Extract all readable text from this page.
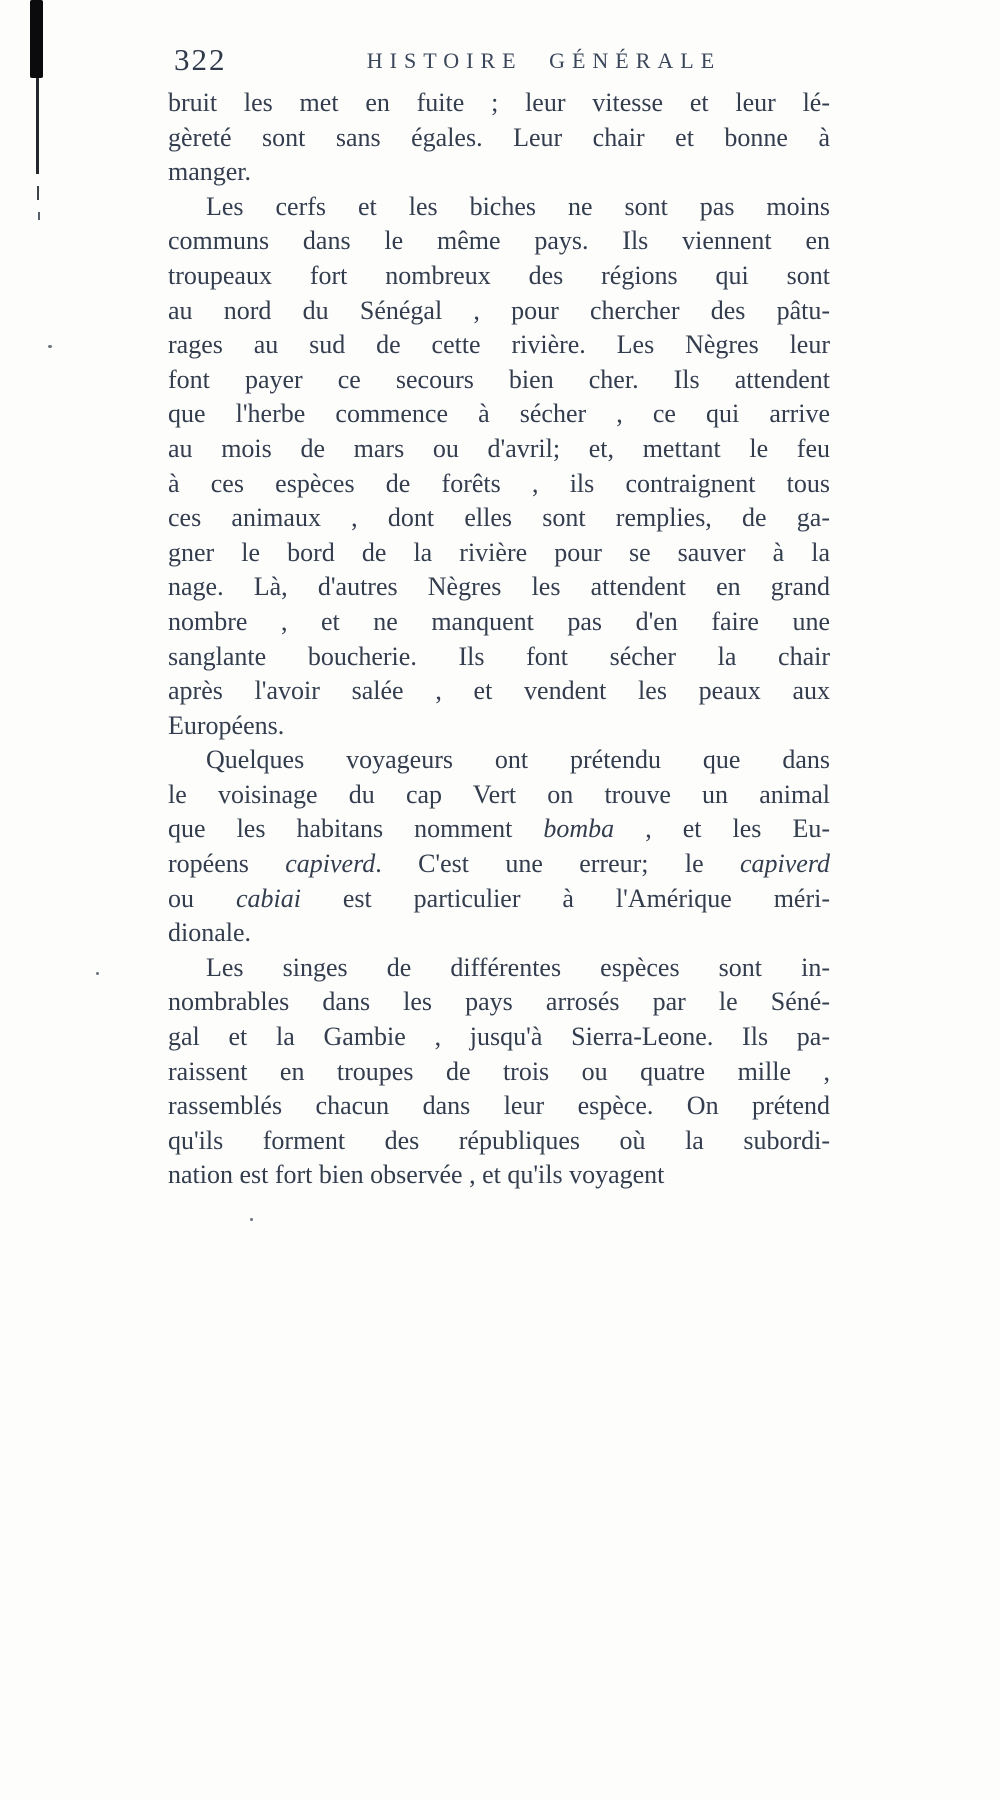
322	HISTOIRE GÉNÉRALE
bruit les met en fuite ; leur vitesse et leur lé-
gèreté sont sans égales. Leur chair et bonne à
manger.
Les cerfs et les biches ne sont pas moins
communs dans le même pays. Ils viennent en
troupeaux fort nombreux des régions qui sont
au nord du Sénégal , pour chercher des pâtu-
rages au sud de cette rivière. Les Nègres leur
font payer ce secours bien cher. Ils attendent
que l'herbe commence à sécher , ce qui arrive
au mois de mars ou d'avril; et, mettant le feu
à ces espèces de forêts , ils contraignent tous
ces animaux , dont elles sont remplies, de ga-
gner le bord de la rivière pour se sauver à la
nage. Là, d'autres Nègres les attendent en grand
nombre , et ne manquent pas d'en faire une
sanglante boucherie. Ils font sécher la chair
après l'avoir salée , et vendent les peaux aux
Européens.
Quelques voyageurs ont prétendu que dans
le voisinage du cap Vert on trouve un animal
que les habitans nomment bomba , et les Eu-
ropéens capiverd. C'est une erreur; le capiverd
ou cabiai est particulier à l'Amérique méri-
dionale.
Les singes de différentes espèces sont in-
nombrables dans les pays arrosés par le Séné-
gal et la Gambie , jusqu'à Sierra-Leone. Ils pa-
raissent en troupes de trois ou quatre mille ,
rassemblés chacun dans leur espèce. On prétend
qu'ils forment des républiques où la subordi-
nation est fort bien observée , et qu'ils voyagent
